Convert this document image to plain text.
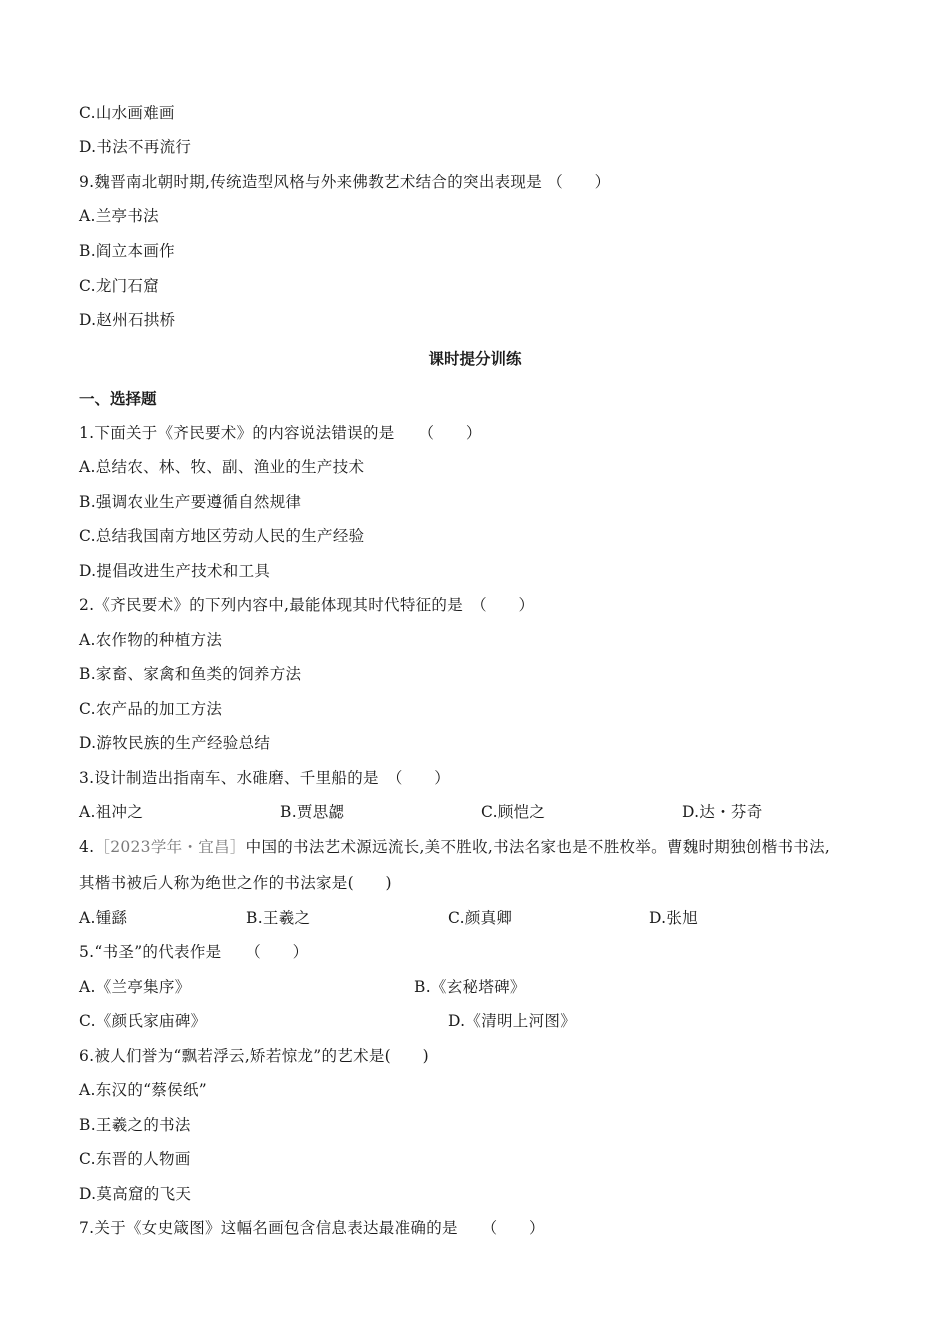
C.山水画难画
D.书法不再流行
9.魏晋南北朝时期,传统造型风格与外来佛教艺术结合的突出表现是 （　　）
A.兰亭书法
B.阎立本画作
C.龙门石窟
D.赵州石拱桥
课时提分训练
一、选择题
1.下面关于《齐民要术》的内容说法错误的是　　（　　）
A.总结农、林、牧、副、渔业的生产技术
B.强调农业生产要遵循自然规律
C.总结我国南方地区劳动人民的生产经验
D.提倡改进生产技术和工具
2.《齐民要术》的下列内容中,最能体现其时代特征的是　（　　）
A.农作物的种植方法
B.家畜、家禽和鱼类的饲养方法
C.农产品的加工方法
D.游牧民族的生产经验总结
3.设计制造出指南车、水碓磨、千里船的是　（　　）
A.祖冲之	B.贾思勰	C.顾恺之	D.达・芬奇
4.［2023学年・宜昌］中国的书法艺术源远流长,美不胜收,书法名家也是不胜枚举。曹魏时期独创楷书书法,
其楷书被后人称为绝世之作的书法家是(　　)
A.锺繇	B.王羲之	C.颜真卿	D.张旭
5.“书圣”的代表作是　　（　　）
A.《兰亭集序》	B.《玄秘塔碑》
C.《颜氏家庙碑》	D.《清明上河图》
6.被人们誉为“飘若浮云,矫若惊龙”的艺术是(　　)
A.东汉的“蔡侯纸”
B.王羲之的书法
C.东晋的人物画
D.莫高窟的飞天
7.关于《女史箴图》这幅名画包含信息表达最准确的是　　（　　）
